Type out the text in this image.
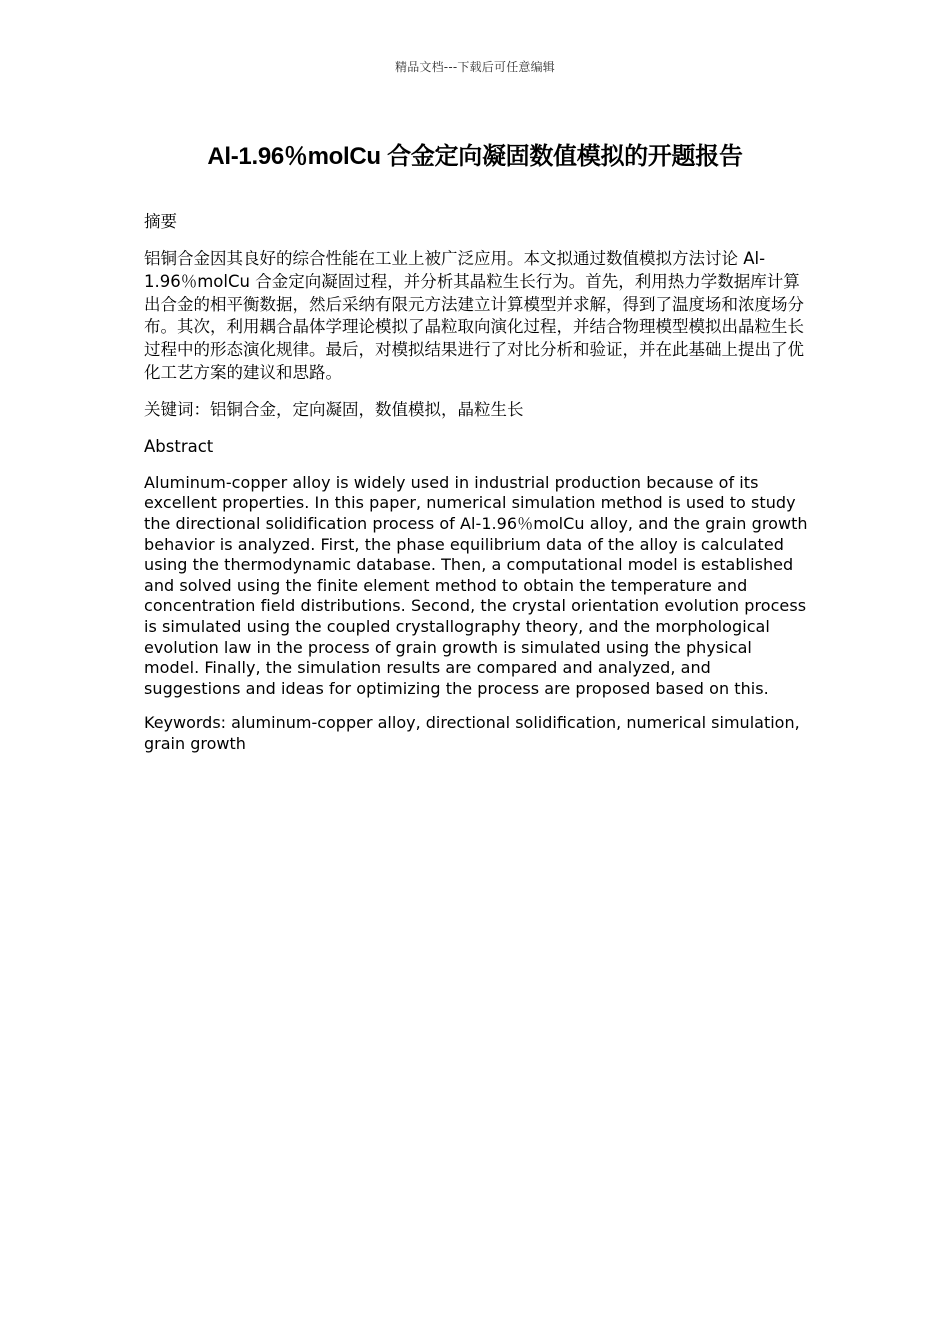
精品文档---下载后可任意编辑
Al-1.96％molCu 合金定向凝固数值模拟的开题报告
摘要

铝铜合金因其良好的综合性能在工业上被广泛应用。本文拟通过数值模拟方法讨论 Al-1.96％molCu 合金定向凝固过程，并分析其晶粒生长行为。首先，利用热力学数据库计算出合金的相平衡数据，然后采纳有限元方法建立计算模型并求解，得到了温度场和浓度场分布。其次，利用耦合晶体学理论模拟了晶粒取向演化过程，并结合物理模型模拟出晶粒生长过程中的形态演化规律。最后，对模拟结果进行了对比分析和验证，并在此基础上提出了优化工艺方案的建议和思路。

关键词：铝铜合金，定向凝固，数值模拟，晶粒生长

Abstract

Aluminum-copper alloy is widely used in industrial production because of its excellent properties. In this paper, numerical simulation method is used to study the directional solidification process of Al-1.96％molCu alloy, and the grain growth behavior is analyzed. First, the phase equilibrium data of the alloy is calculated using the thermodynamic database. Then, a computational model is established and solved using the finite element method to obtain the temperature and concentration field distributions. Second, the crystal orientation evolution process is simulated using the coupled crystallography theory, and the morphological evolution law in the process of grain growth is simulated using the physical model. Finally, the simulation results are compared and analyzed, and suggestions and ideas for optimizing the process are proposed based on this.

Keywords: aluminum-copper alloy, directional solidification, numerical simulation, grain growth
